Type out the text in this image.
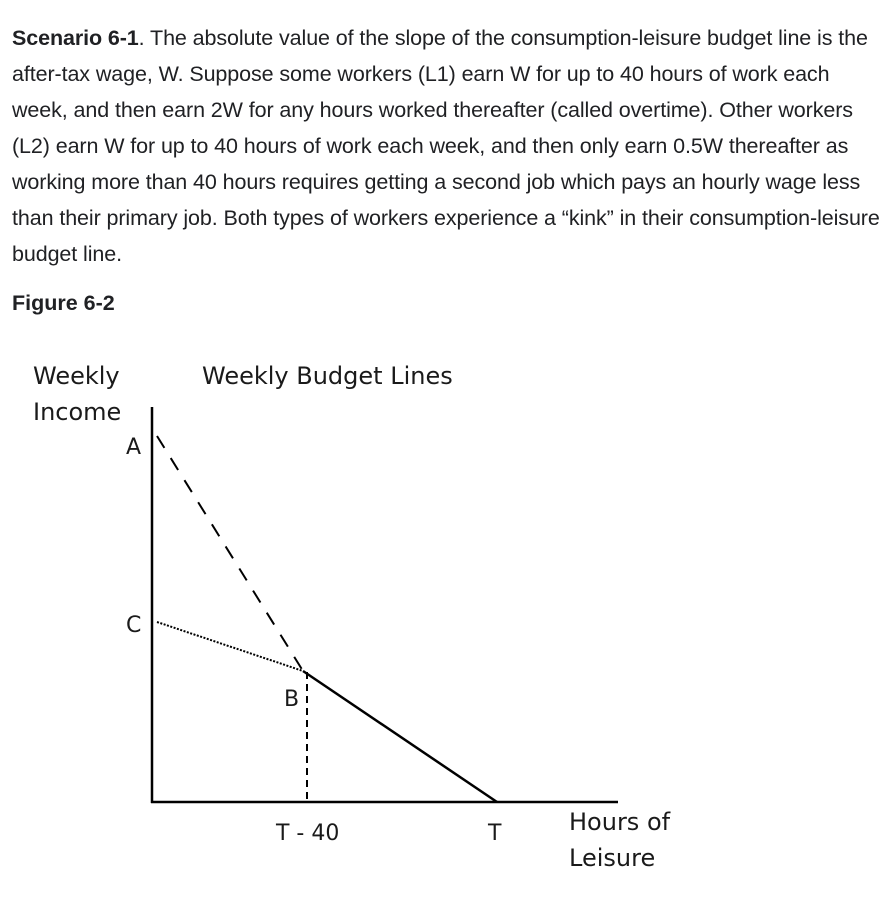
Scenario 6-1. The absolute value of the slope of the consumption-leisure budget line is the after-tax wage, W. Suppose some workers (L1) earn W for up to 40 hours of work each week, and then earn 2W for any hours worked thereafter (called overtime). Other workers (L2) earn W for up to 40 hours of work each week, and then only earn 0.5W thereafter as working more than 40 hours requires getting a second job which pays an hourly wage less than their primary job. Both types of workers experience a “kink” in their consumption-leisure budget line.

Figure 6-2

Weekly Budget Lines
Weekly
Income
A
C
B
T - 40	T	Hours of
Leisure
